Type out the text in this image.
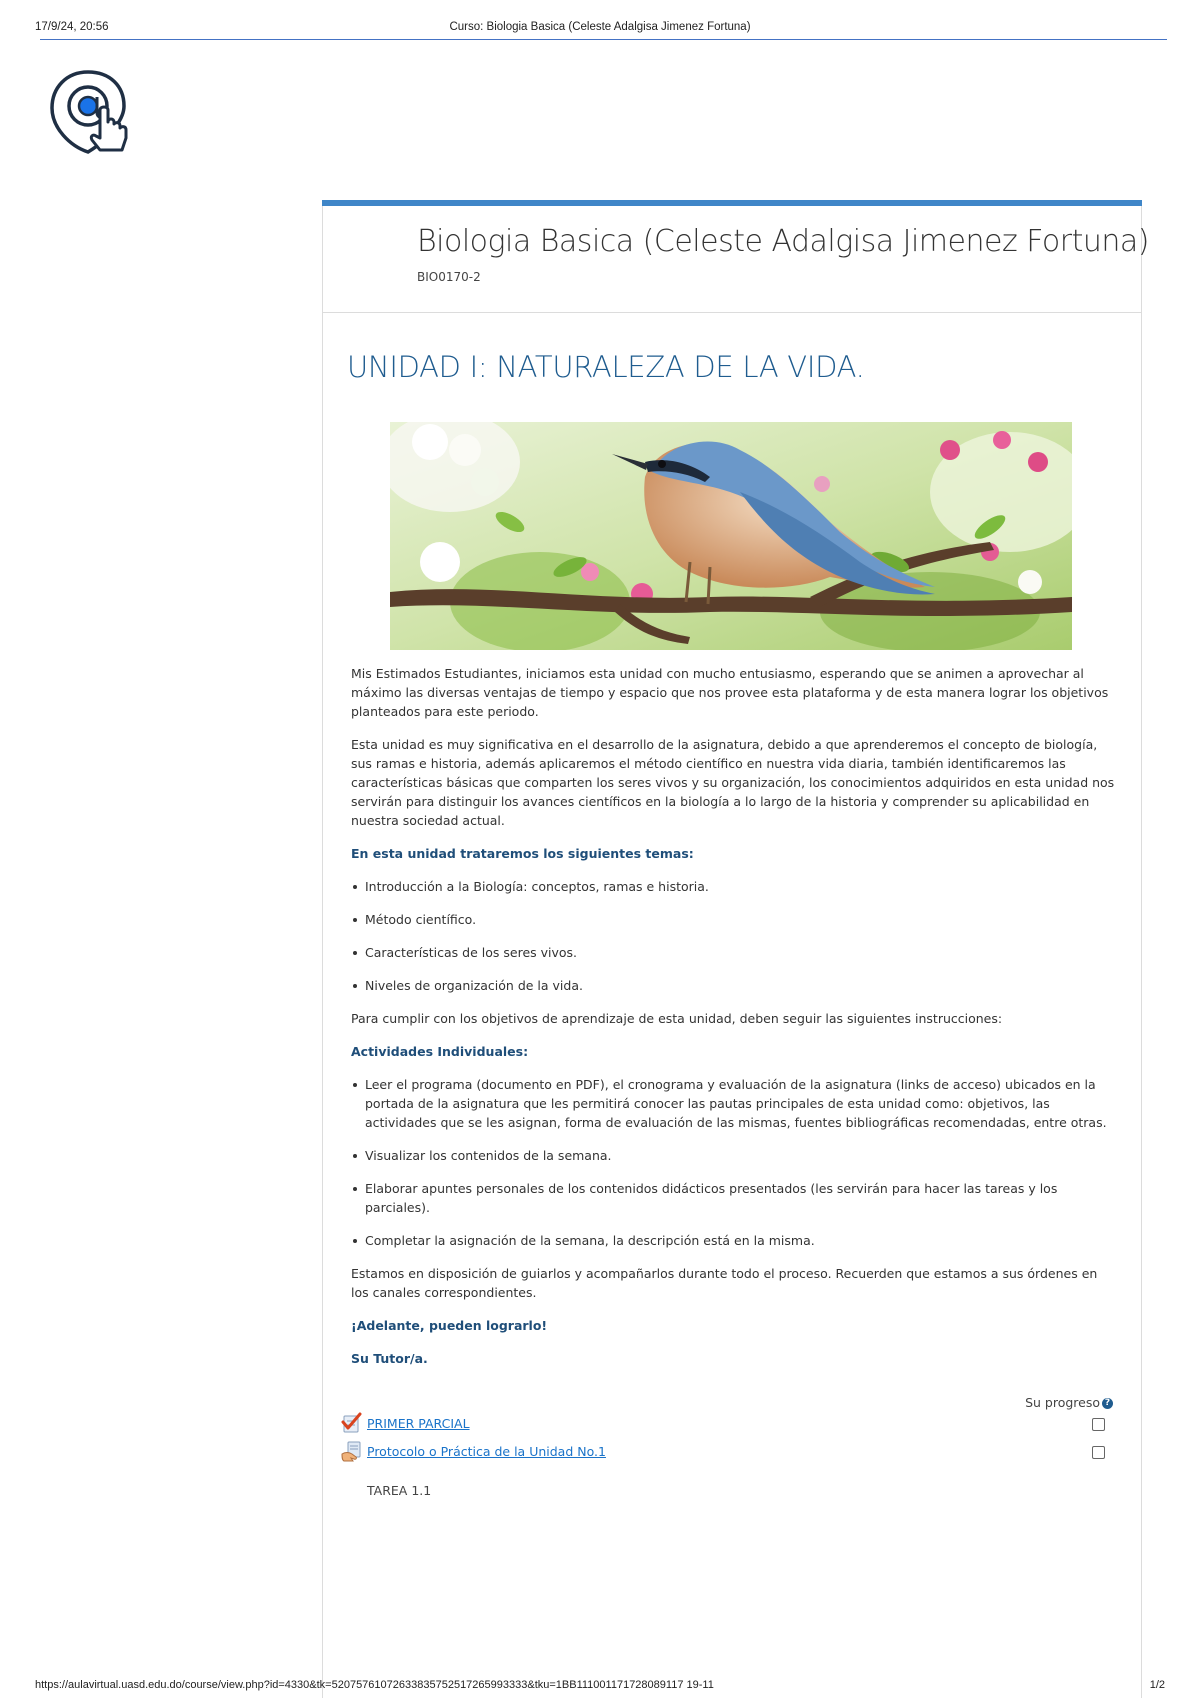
17/9/24, 20:56	Curso: Biologia Basica (Celeste Adalgisa Jimenez Fortuna)
Biologia Basica (Celeste Adalgisa Jimenez Fortuna)
BIO0170-2
UNIDAD I: NATURALEZA DE LA VIDA.

Mis Estimados Estudiantes, iniciamos esta unidad con mucho entusiasmo, esperando que se animen a aprovechar al máximo las diversas ventajas de tiempo y espacio que nos provee esta plataforma y de esta manera lograr los objetivos planteados para este periodo.

Esta unidad es muy significativa en el desarrollo de la asignatura, debido a que aprenderemos el concepto de biología, sus ramas e historia, además aplicaremos el método científico en nuestra vida diaria, también identificaremos las características básicas que comparten los seres vivos y su organización, los conocimientos adquiridos en esta unidad nos servirán para distinguir los avances científicos en la biología a lo largo de la historia y comprender su aplicabilidad en nuestra sociedad actual.

En esta unidad trataremos los siguientes temas:

Introducción a la Biología: conceptos, ramas e historia.
Método científico.
Características de los seres vivos.
Niveles de organización de la vida.

Para cumplir con los objetivos de aprendizaje de esta unidad, deben seguir las siguientes instrucciones:

Actividades Individuales:

Leer el programa (documento en PDF), el cronograma y evaluación de la asignatura (links de acceso) ubicados en la portada de la asignatura que les permitirá conocer las pautas principales de esta unidad como: objetivos, las actividades que se les asignan, forma de evaluación de las mismas, fuentes bibliográficas recomendadas, entre otras.
Visualizar los contenidos de la semana.
Elaborar apuntes personales de los contenidos didácticos presentados (les servirán para hacer las tareas y los parciales).
Completar la asignación de la semana, la descripción está en la misma.

Estamos en disposición de guiarlos y acompañarlos durante todo el proceso. Recuerden que estamos a sus órdenes en los canales correspondientes.

¡Adelante, pueden lograrlo!

Su Tutor/a.

Su progreso ?
PRIMER PARCIAL
Protocolo o Práctica de la Unidad No.1
TAREA 1.1
https://aulavirtual.uasd.edu.do/course/view.php?id=4330&tk=52075761072633835752517265993333&tku=1BB111001171728089117 19-11	1/2
